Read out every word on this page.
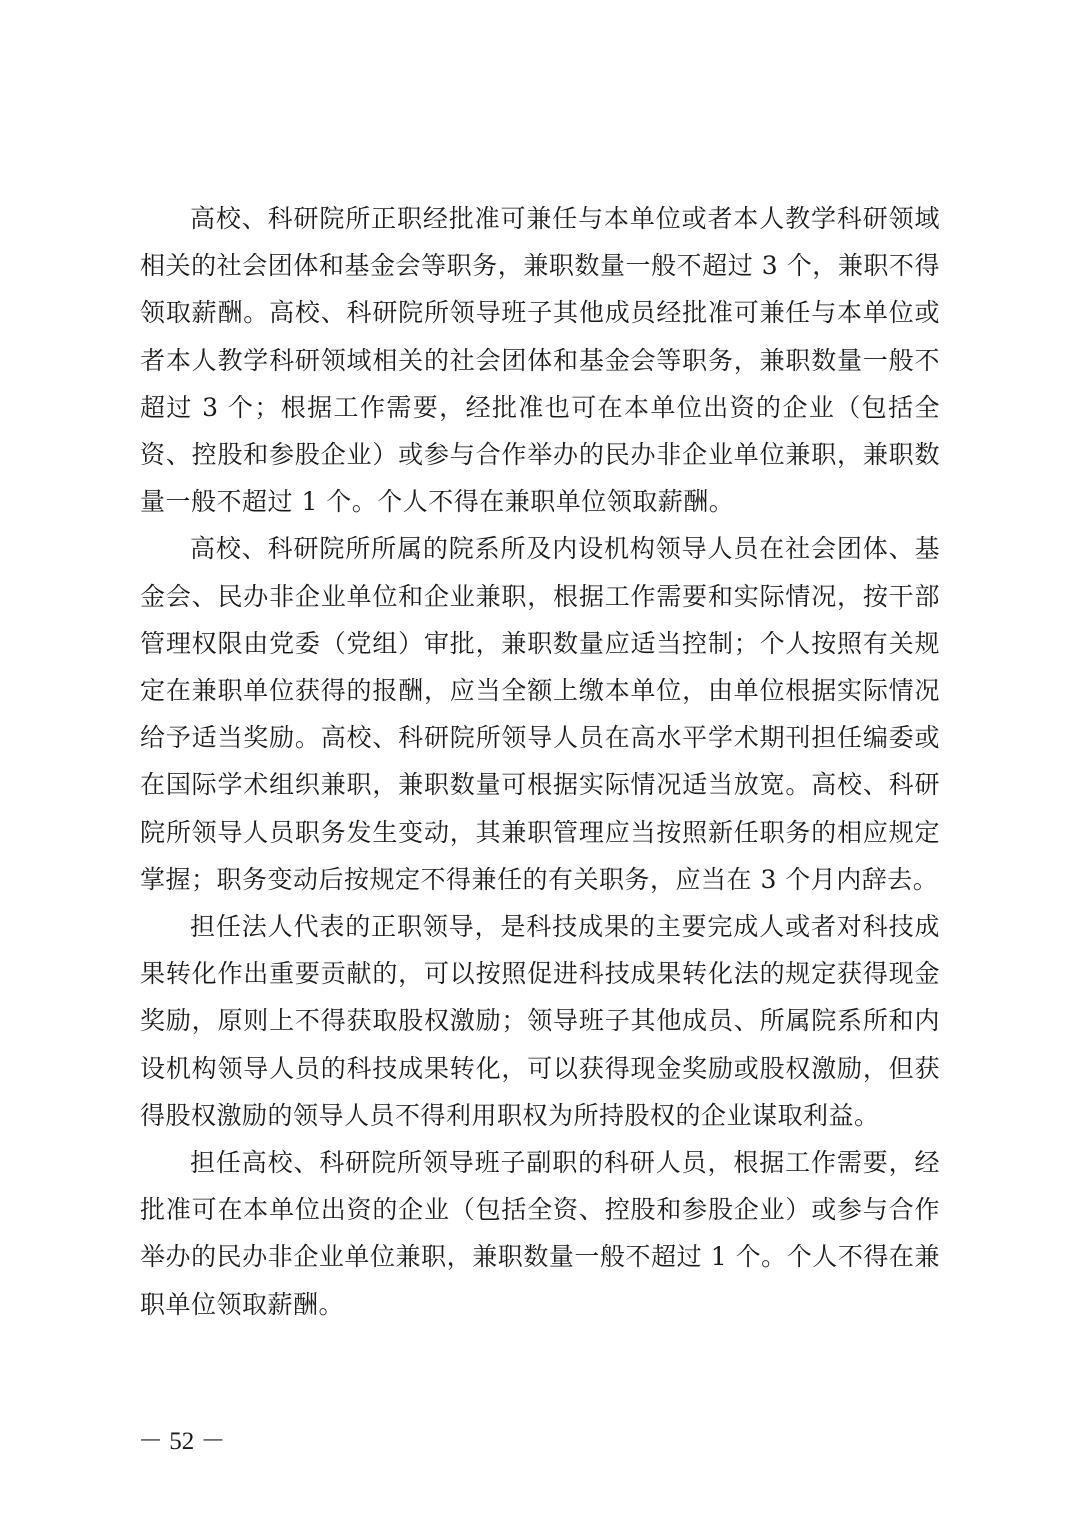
高校、科研院所正职经批准可兼任与本单位或者本人教学科研领域相关的社会团体和基金会等职务，兼职数量一般不超过 3 个，兼职不得领取薪酬。高校、科研院所领导班子其他成员经批准可兼任与本单位或者本人教学科研领域相关的社会团体和基金会等职务，兼职数量一般不超过 3 个；根据工作需要，经批准也可在本单位出资的企业（包括全资、控股和参股企业）或参与合作举办的民办非企业单位兼职，兼职数量一般不超过 1 个。个人不得在兼职单位领取薪酬。

高校、科研院所所属的院系所及内设机构领导人员在社会团体、基金会、民办非企业单位和企业兼职，根据工作需要和实际情况，按干部管理权限由党委（党组）审批，兼职数量应适当控制；个人按照有关规定在兼职单位获得的报酬，应当全额上缴本单位，由单位根据实际情况给予适当奖励。高校、科研院所领导人员在高水平学术期刊担任编委或在国际学术组织兼职，兼职数量可根据实际情况适当放宽。高校、科研院所领导人员职务发生变动，其兼职管理应当按照新任职务的相应规定掌握；职务变动后按规定不得兼任的有关职务，应当在 3 个月内辞去。

担任法人代表的正职领导，是科技成果的主要完成人或者对科技成果转化作出重要贡献的，可以按照促进科技成果转化法的规定获得现金奖励，原则上不得获取股权激励；领导班子其他成员、所属院系所和内设机构领导人员的科技成果转化，可以获得现金奖励或股权激励，但获得股权激励的领导人员不得利用职权为所持股权的企业谋取利益。

担任高校、科研院所领导班子副职的科研人员，根据工作需要，经批准可在本单位出资的企业（包括全资、控股和参股企业）或参与合作举办的民办非企业单位兼职，兼职数量一般不超过 1 个。个人不得在兼职单位领取薪酬。

－ 52 －
